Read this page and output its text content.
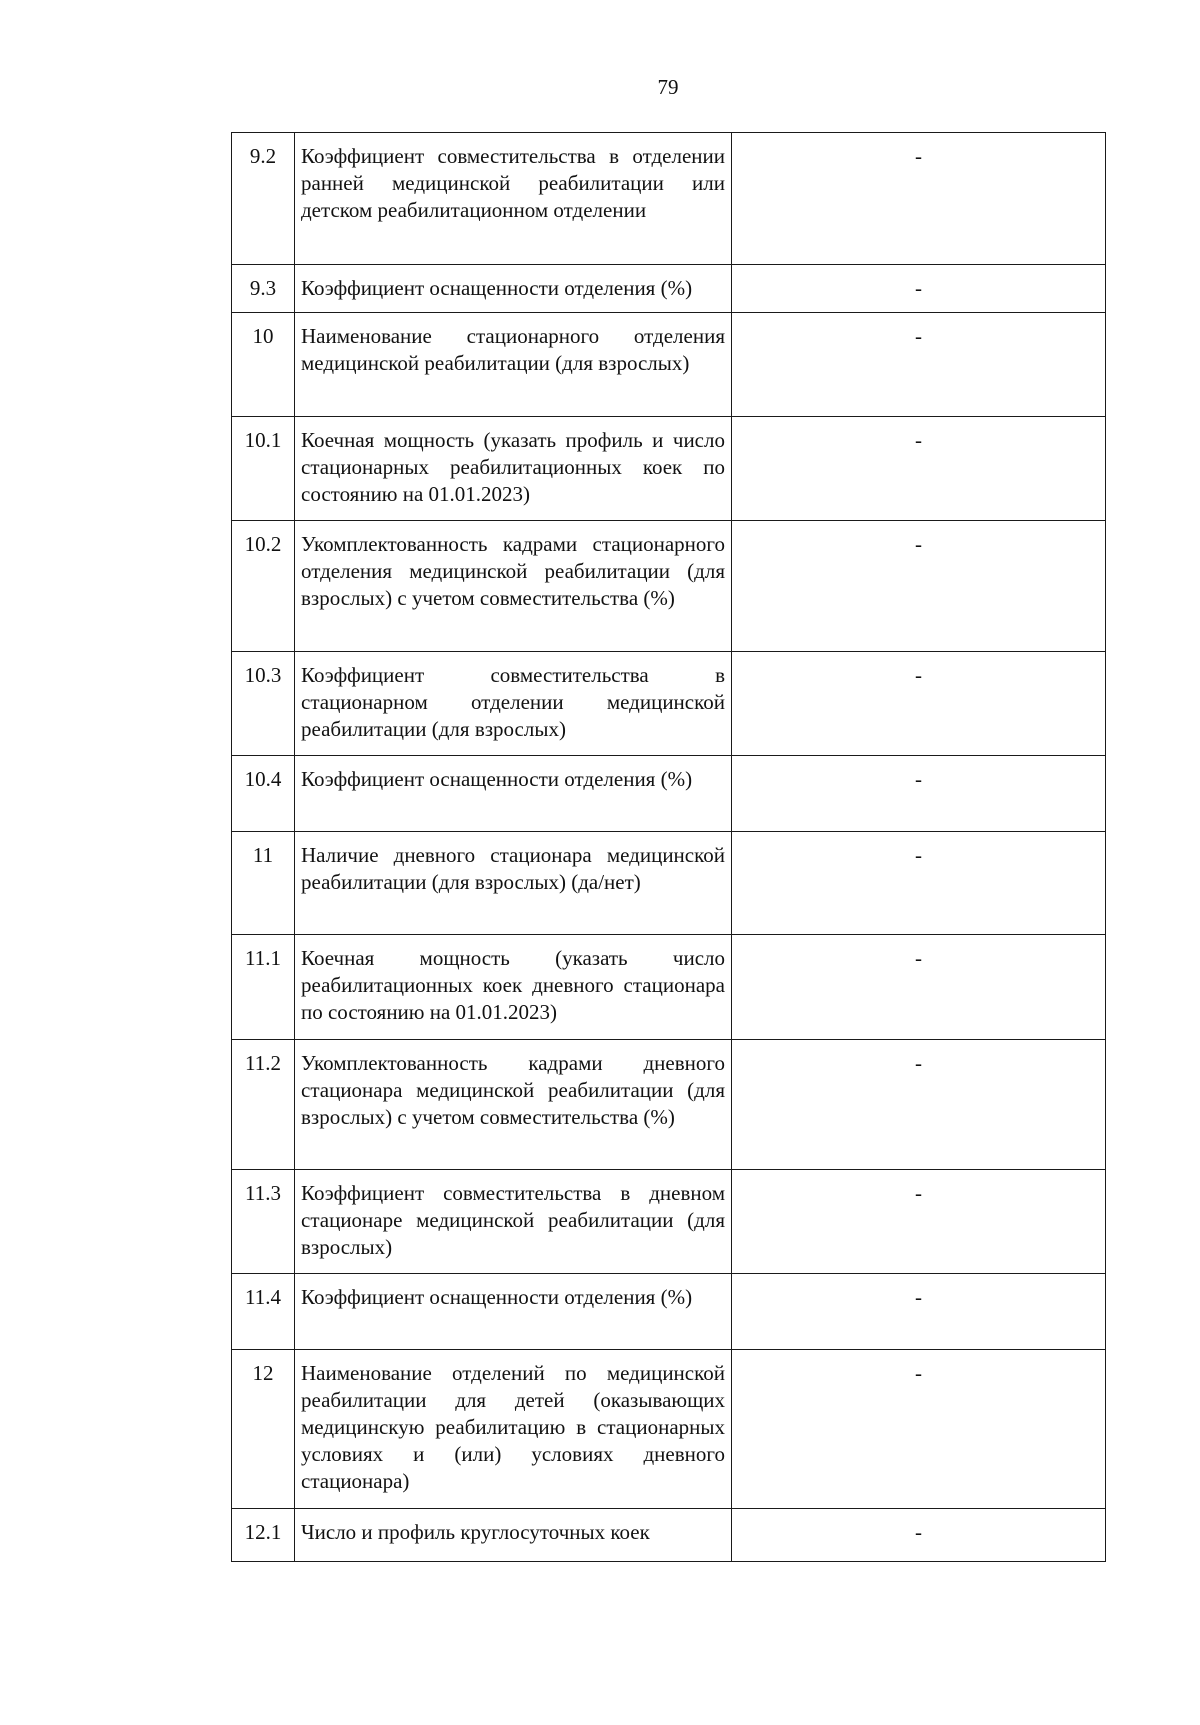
79
9.2	Коэффициент совместительства в отделении ранней медицинской реабилитации или детском реабилитационном отделении	-
9.3	Коэффициент оснащенности отделения (%)	-
10	Наименование стационарного отделения медицинской реабилитации (для взрослых)	-
10.1	Коечная мощность (указать профиль и число стационарных реабилитационных коек по состоянию на 01.01.2023)	-
10.2	Укомплектованность кадрами стационарного отделения медицинской реабилитации (для взрослых) с учетом совместительства (%)	-
10.3	Коэффициент совместительства в стационарном отделении медицинской реабилитации (для взрослых)	-
10.4	Коэффициент оснащенности отделения (%)	-
11	Наличие дневного стационара медицинской реабилитации (для взрослых) (да/нет)	-
11.1	Коечная мощность (указать число реабилитационных коек дневного стационара по состоянию на 01.01.2023)	-
11.2	Укомплектованность кадрами дневного стационара медицинской реабилитации (для взрослых) с учетом совместительства (%)	-
11.3	Коэффициент совместительства в дневном стационаре медицинской реабилитации (для взрослых)	-
11.4	Коэффициент оснащенности отделения (%)	-
12	Наименование отделений по медицинской реабилитации для детей (оказывающих медицинскую реабилитацию в стационарных условиях и (или) условиях дневного стационара)	-
12.1	Число и профиль круглосуточных коек	-
